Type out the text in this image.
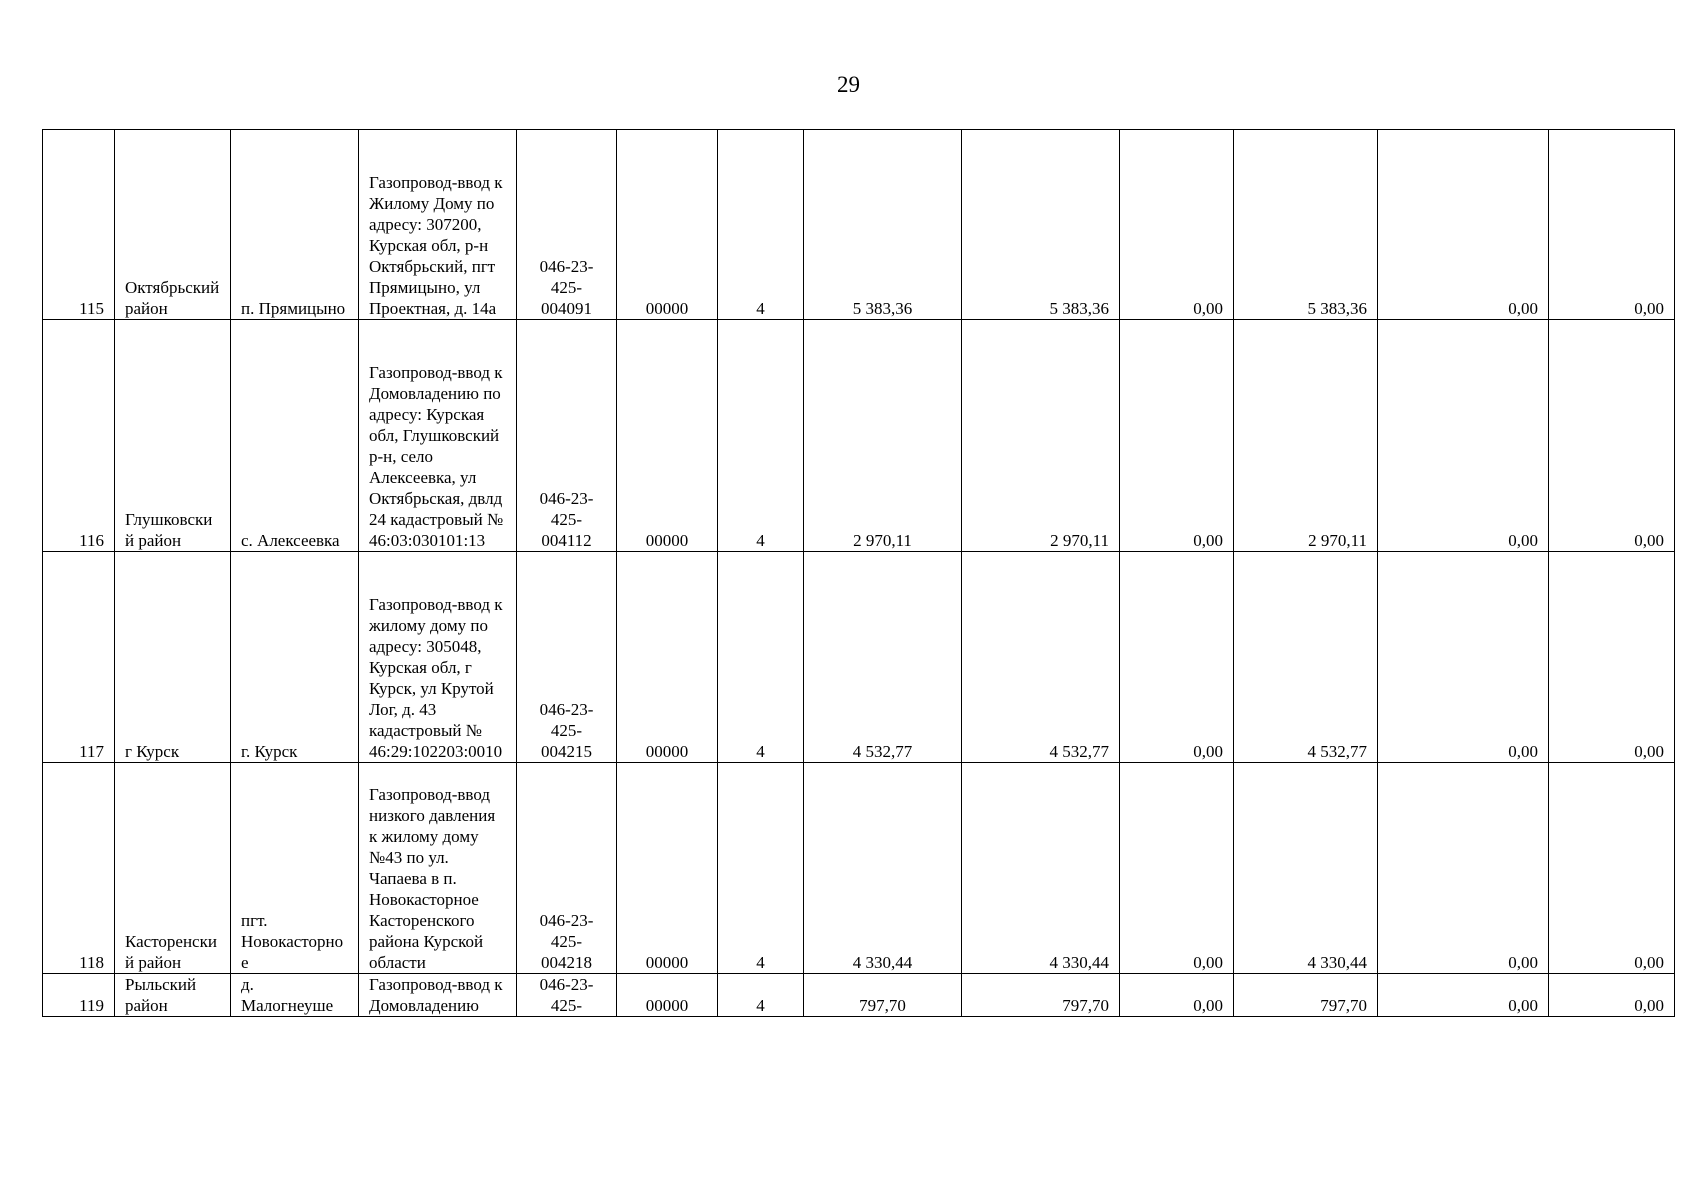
29
115	Октябрьский район	п. Прямицыно	Газопровод-ввод к Жилому Дому по адресу: 307200, Курская обл, р-н Октябрьский, пгт Прямицыно, ул Проектная, д. 14а	046-23-425-004091	00000	4	5 383,36	5 383,36	0,00	5 383,36	0,00	0,00
116	Глушковский район	с. Алексеевка	Газопровод-ввод к Домовладению по адресу: Курская обл, Глушковский р-н, село Алексеевка, ул Октябрьская, двлд 24 кадастровый № 46:03:030101:13	046-23-425-004112	00000	4	2 970,11	2 970,11	0,00	2 970,11	0,00	0,00
117	г Курск	г. Курск	Газопровод-ввод к жилому дому по адресу: 305048, Курская обл, г Курск, ул Крутой Лог, д. 43 кадастровый № 46:29:102203:0010	046-23-425-004215	00000	4	4 532,77	4 532,77	0,00	4 532,77	0,00	0,00
118	Касторенский район	пгт. Новокасторное	Газопровод-ввод низкого давления к жилому дому №43 по ул. Чапаева в п. Новокасторное Касторенского района Курской области	046-23-425-004218	00000	4	4 330,44	4 330,44	0,00	4 330,44	0,00	0,00
119	Рыльский район	д. Малогнеуше	Газопровод-ввод к Домовладению	046-23-425-	00000	4	797,70	797,70	0,00	797,70	0,00	0,00
